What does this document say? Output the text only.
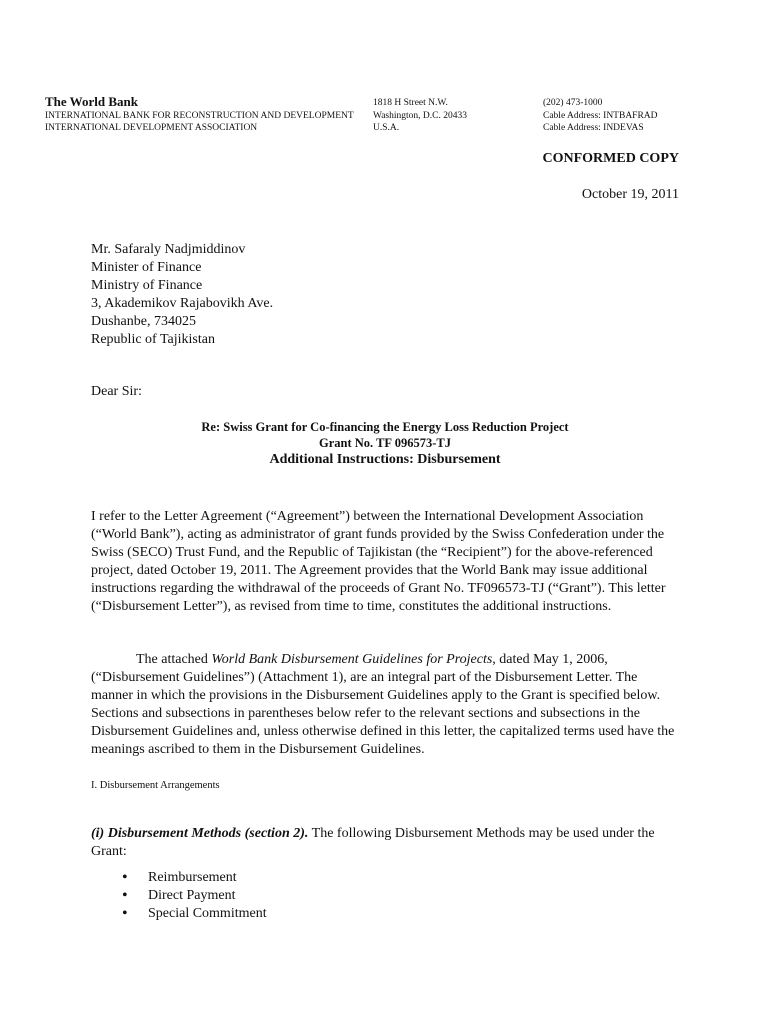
The World Bank
INTERNATIONAL BANK FOR RECONSTRUCTION AND DEVELOPMENT
INTERNATIONAL DEVELOPMENT ASSOCIATION
1818 H Street N.W.
Washington, D.C. 20433
U.S.A.
(202) 473-1000
Cable Address: INTBAFRAD
Cable Address: INDEVAS
CONFORMED COPY
October 19, 2011
Mr. Safaraly Nadjmiddinov
Minister of Finance
Ministry of Finance
3, Akademikov Rajabovikh Ave.
Dushanbe, 734025
Republic of Tajikistan
Dear Sir:
Re: Swiss Grant for Co-financing the Energy Loss Reduction Project
Grant No. TF 096573-TJ
Additional Instructions: Disbursement
I refer to the Letter Agreement (“Agreement”) between the International Development Association (“World Bank”), acting as administrator of grant funds provided by the Swiss Confederation under the Swiss (SECO) Trust Fund, and the Republic of Tajikistan (the “Recipient”) for the above-referenced project, dated October 19, 2011. The Agreement provides that the World Bank may issue additional instructions regarding the withdrawal of the proceeds of Grant No. TF096573-TJ (“Grant”). This letter (“Disbursement Letter”), as revised from time to time, constitutes the additional instructions.
The attached World Bank Disbursement Guidelines for Projects, dated May 1, 2006, (“Disbursement Guidelines”) (Attachment 1), are an integral part of the Disbursement Letter. The manner in which the provisions in the Disbursement Guidelines apply to the Grant is specified below. Sections and subsections in parentheses below refer to the relevant sections and subsections in the Disbursement Guidelines and, unless otherwise defined in this letter, the capitalized terms used have the meanings ascribed to them in the Disbursement Guidelines.
I. Disbursement Arrangements
(i) Disbursement Methods (section 2). The following Disbursement Methods may be used under the Grant:
• Reimbursement
• Direct Payment
• Special Commitment
